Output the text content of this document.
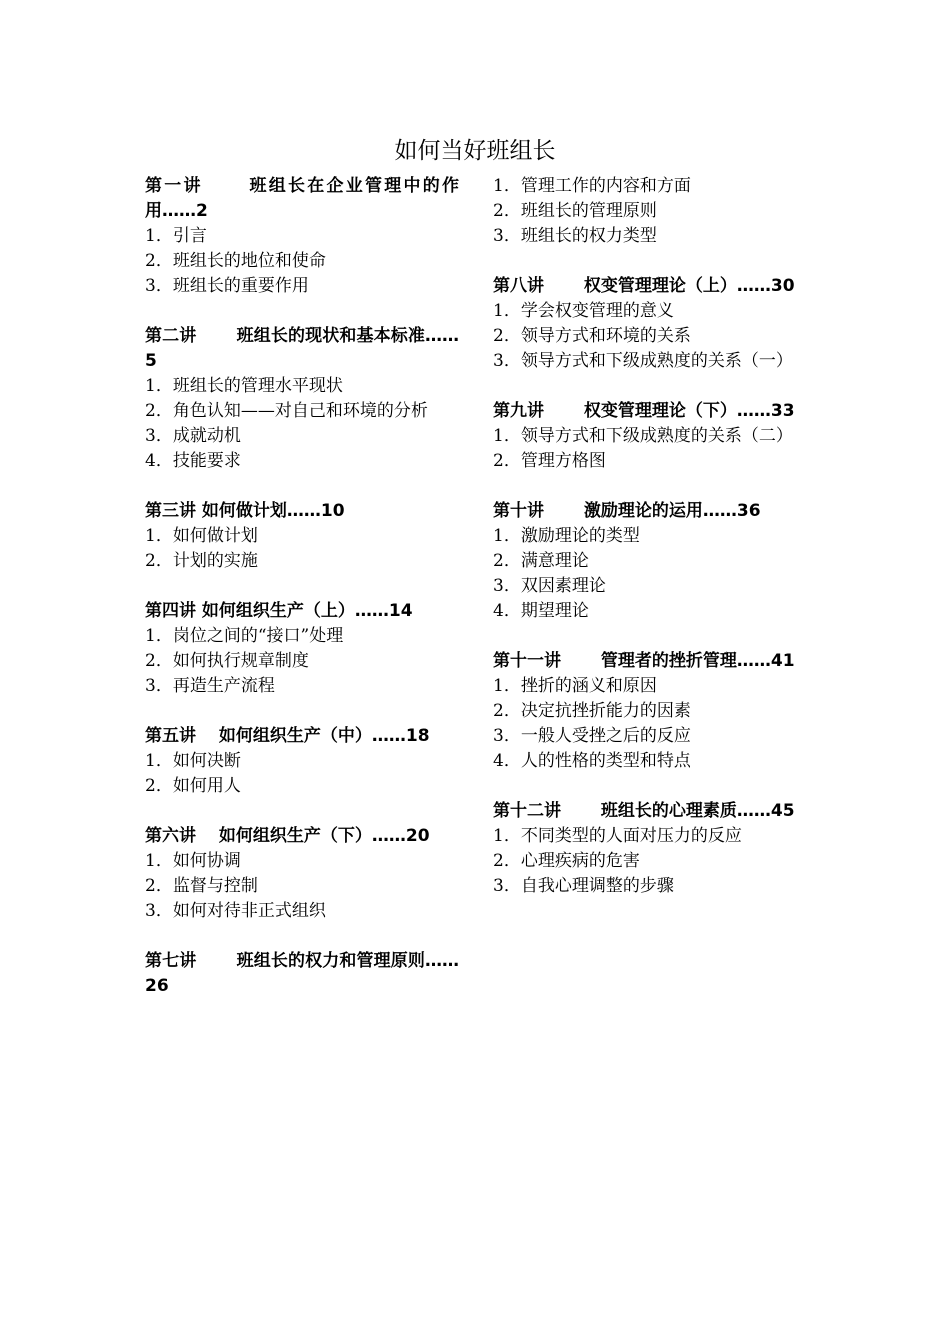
如何当好班组长
第一讲 　　班组长在企业管理中的作用……2
1．引言
2．班组长的地位和使命
3．班组长的重要作用
第二讲 　　班组长的现状和基本标准……5
1．班组长的管理水平现状
2．角色认知——对自己和环境的分析
3．成就动机
4．技能要求
第三讲 如何做计划……10
1．如何做计划
2．计划的实施
第四讲 如何组织生产（上）……14
1．岗位之间的“接口”处理
2．如何执行规章制度
3．再造生产流程
第五讲 　如何组织生产（中）……18
1．如何决断
2．如何用人
第六讲 　如何组织生产（下）……20
1．如何协调
2．监督与控制
3．如何对待非正式组织
第七讲 　　班组长的权力和管理原则……26
1．管理工作的内容和方面
2．班组长的管理原则
3．班组长的权力类型
第八讲 　　权变管理理论（上）……30
1．学会权变管理的意义
2．领导方式和环境的关系
3．领导方式和下级成熟度的关系（一）
第九讲 　　权变管理理论（下）……33
1．领导方式和下级成熟度的关系（二）
2．管理方格图
第十讲 　　激励理论的运用……36
1．激励理论的类型
2．满意理论
3．双因素理论
4．期望理论
第十一讲 　　管理者的挫折管理……41
1．挫折的涵义和原因
2．决定抗挫折能力的因素
3．一般人受挫之后的反应
4．人的性格的类型和特点
第十二讲 　　班组长的心理素质……45
1．不同类型的人面对压力的反应
2．心理疾病的危害
3．自我心理调整的步骤
